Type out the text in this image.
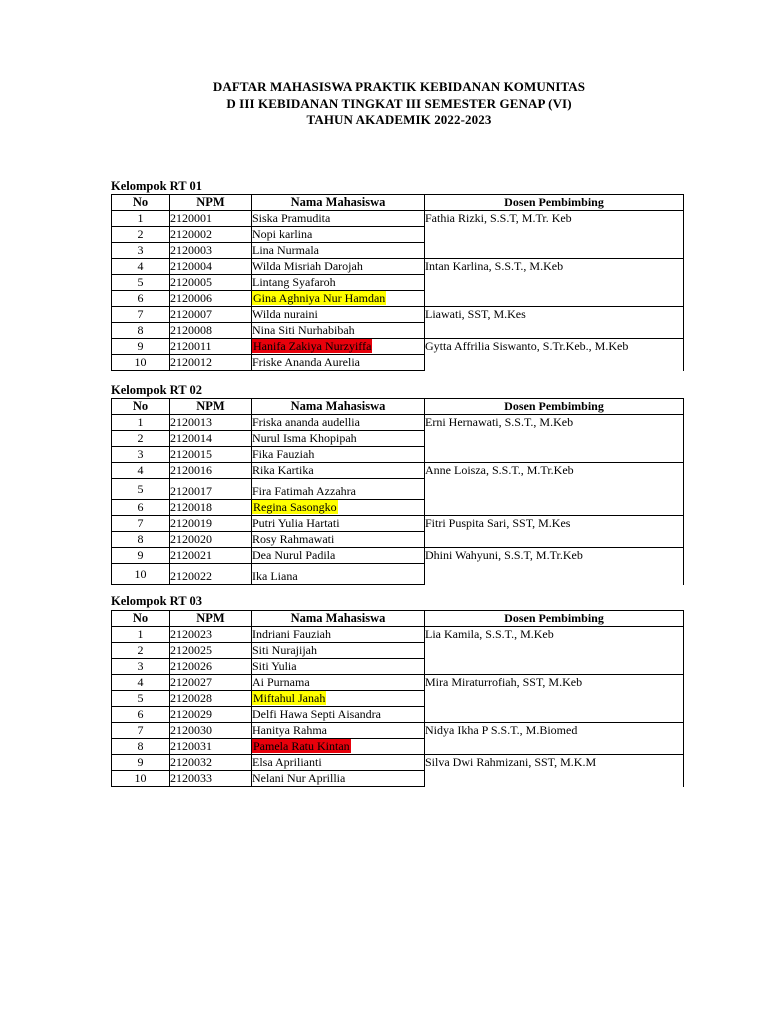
DAFTAR MAHASISWA PRAKTIK KEBIDANAN KOMUNITAS
D III KEBIDANAN TINGKAT III SEMESTER GENAP (VI)
TAHUN AKADEMIK 2022-2023
Kelompok RT 01
No	NPM	Nama Mahasiswa	Dosen Pembimbing
1	2120001	Siska Pramudita	Fathia Rizki, S.S.T, M.Tr. Keb
2	2120002	Nopi karlina	
3	2120003	Lina Nurmala	
4	2120004	Wilda Misriah Darojah	Intan Karlina, S.S.T., M.Keb
5	2120005	Lintang Syafaroh	
6	2120006	Gina Aghniya Nur Hamdan	
7	2120007	Wilda nuraini	Liawati, SST, M.Kes
8	2120008	Nina Siti Nurhabibah	
9	2120011	Hanifa Zakiya Nurzyiffa	Gytta Affrilia Siswanto, S.Tr.Keb., M.Keb
10	2120012	Friske Ananda Aurelia	
Kelompok RT 02
No	NPM	Nama Mahasiswa	Dosen Pembimbing
1	2120013	Friska ananda audellia	Erni Hernawati, S.S.T., M.Keb
2	2120014	Nurul Isma Khopipah	
3	2120015	Fika Fauziah	
4	2120016	Rika Kartika	Anne Loisza, S.S.T., M.Tr.Keb
5	2120017	Fira Fatimah Azzahra	
6	2120018	Regina Sasongko	
7	2120019	Putri Yulia Hartati	Fitri Puspita Sari, SST, M.Kes
8	2120020	Rosy Rahmawati	
9	2120021	Dea Nurul Padila	Dhini Wahyuni, S.S.T, M.Tr.Keb
10	2120022	Ika Liana	
Kelompok RT 03
No	NPM	Nama Mahasiswa	Dosen Pembimbing
1	2120023	Indriani Fauziah	Lia Kamila, S.S.T., M.Keb
2	2120025	Siti Nurajijah	
3	2120026	Siti Yulia	
4	2120027	Ai Purnama	Mira Miraturrofiah, SST, M.Keb
5	2120028	Miftahul Janah	
6	2120029	Delfi Hawa Septi Aisandra	
7	2120030	Hanitya Rahma	Nidya Ikha P S.S.T., M.Biomed
8	2120031	Pamela Ratu Kintan	
9	2120032	Elsa Aprilianti	Silva Dwi Rahmizani, SST, M.K.M
10	2120033	Nelani Nur Aprillia	
